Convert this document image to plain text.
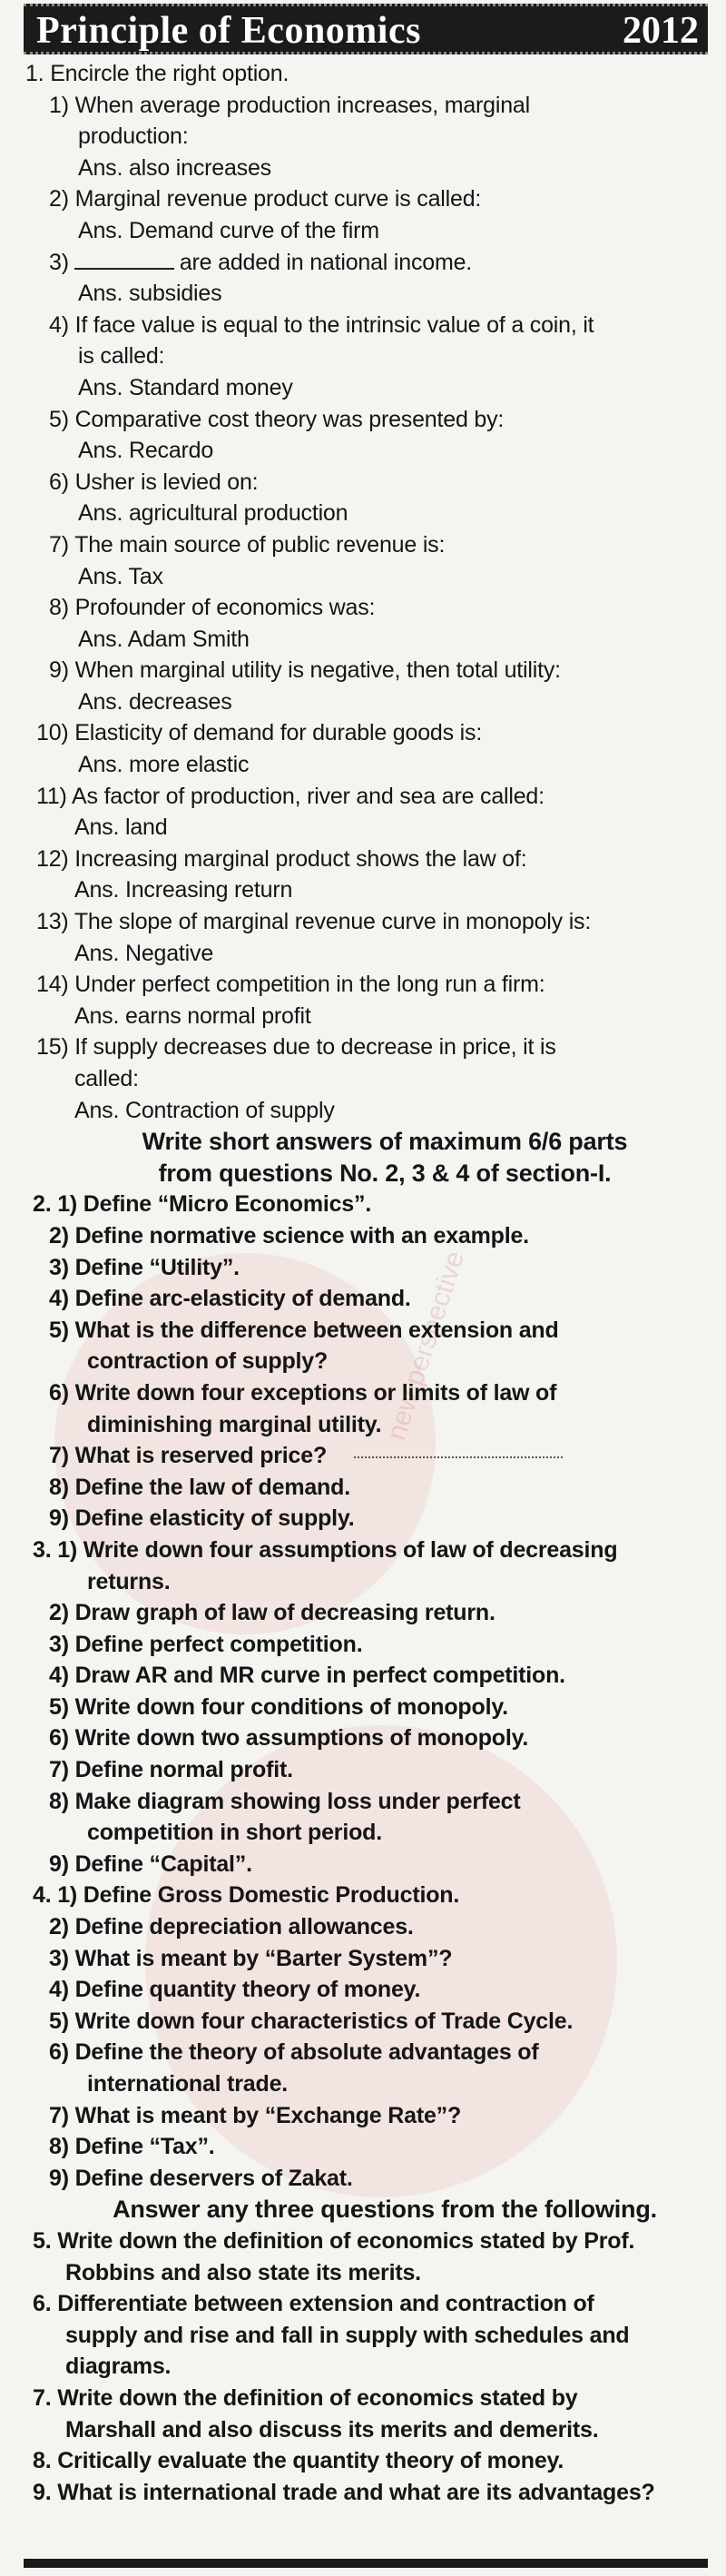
new perspective
Principle of Economics	2012
1. Encircle the right option.
1) When average production increases, marginal
production:
Ans. also increases
2) Marginal revenue product curve is called:
Ans. Demand curve of the firm
3)	are added in national income.
Ans. subsidies
4) If face value is equal to the intrinsic value of a coin, it
is called:
Ans. Standard money
5) Comparative cost theory was presented by:
Ans. Recardo
6) Usher is levied on:
Ans. agricultural production
7) The main source of public revenue is:
Ans. Tax
8) Profounder of economics was:
Ans. Adam Smith
9) When marginal utility is negative, then total utility:
Ans. decreases
10) Elasticity of demand for durable goods is:
Ans. more elastic
11) As factor of production, river and sea are called:
Ans. land
12) Increasing marginal product shows the law of:
Ans. Increasing return
13) The slope of marginal revenue curve in monopoly is:
Ans. Negative
14) Under perfect competition in the long run a firm:
Ans. earns normal profit
15) If supply decreases due to decrease in price, it is
called:
Ans. Contraction of supply
Write short answers of maximum 6/6 parts
from questions No. 2, 3 & 4 of section-I.
2. 1) Define “Micro Economics”.
2) Define normative science with an example.
3) Define “Utility”.
4) Define arc-elasticity of demand.
5) What is the difference between extension and
contraction of supply?
6) Write down four exceptions or limits of law of
diminishing marginal utility.
7) What is reserved price?
8) Define the law of demand.
9) Define elasticity of supply.
3. 1) Write down four assumptions of law of decreasing
returns.
2) Draw graph of law of decreasing return.
3) Define perfect competition.
4) Draw AR and MR curve in perfect competition.
5) Write down four conditions of monopoly.
6) Write down two assumptions of monopoly.
7) Define normal profit.
8) Make diagram showing loss under perfect
competition in short period.
9) Define “Capital”.
4. 1) Define Gross Domestic Production.
2) Define depreciation allowances.
3) What is meant by “Barter System”?
4) Define quantity theory of money.
5) Write down four characteristics of Trade Cycle.
6) Define the theory of absolute advantages of
international trade.
7) What is meant by “Exchange Rate”?
8) Define “Tax”.
9) Define deservers of Zakat.
Answer any three questions from the following.
5. Write down the definition of economics stated by Prof.
Robbins and also state its merits.
6. Differentiate between extension and contraction of
supply and rise and fall in supply with schedules and
diagrams.
7. Write down the definition of economics stated by
Marshall and also discuss its merits and demerits.
8. Critically evaluate the quantity theory of money.
9. What is international trade and what are its advantages?
